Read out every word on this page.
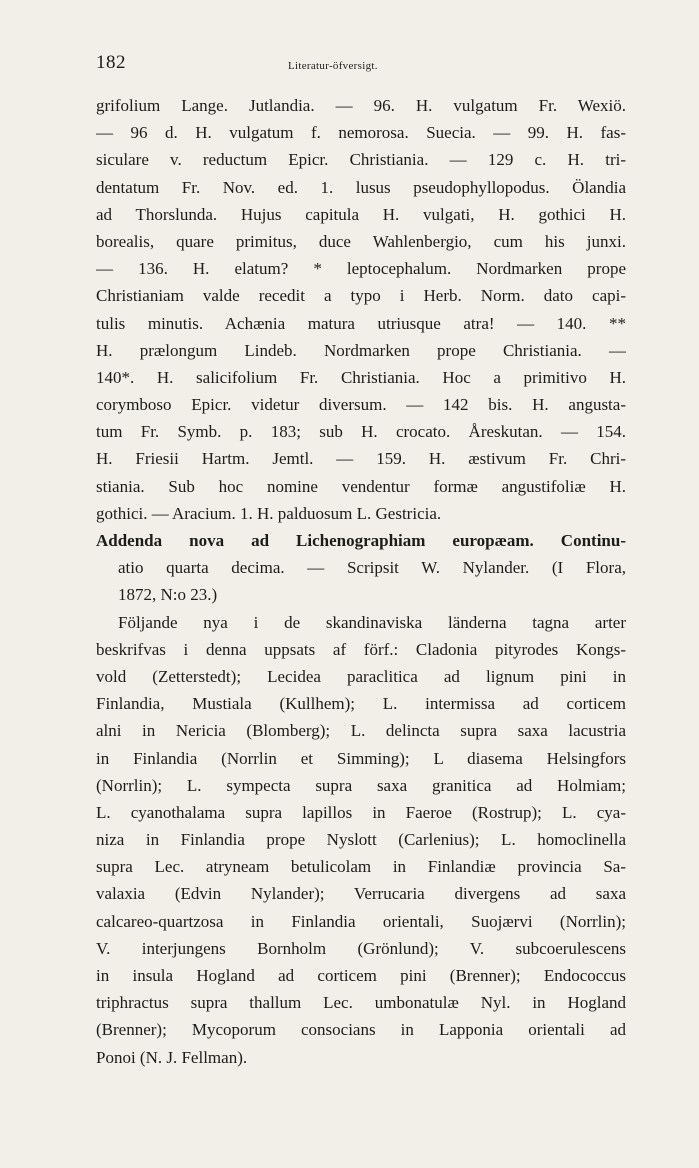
182	Literatur-öfversigt.
grifolium Lange. Jutlandia. — 96. H. vulgatum Fr. Wexiö.
— 96 d. H. vulgatum f. nemorosa. Suecia. — 99. H. fas-
siculare v. reductum Epicr. Christiania. — 129 c. H. tri-
dentatum Fr. Nov. ed. 1. lusus pseudophyllopodus. Ölandia
ad Thorslunda. Hujus capitula H. vulgati, H. gothici H.
borealis, quare primitus, duce Wahlenbergio, cum his junxi.
— 136. H. elatum? * leptocephalum. Nordmarken prope
Christianiam valde recedit a typo i Herb. Norm. dato capi-
tulis minutis. Achænia matura utriusque atra! — 140. **
H. prælongum Lindeb. Nordmarken prope Christiania. —
140*. H. salicifolium Fr. Christiania. Hoc a primitivo H.
corymboso Epicr. videtur diversum. — 142 bis. H. angusta-
tum Fr. Symb. p. 183; sub H. crocato. Åreskutan. — 154.
H. Friesii Hartm. Jemtl. — 159. H. æstivum Fr. Chri-
stiania. Sub hoc nomine vendentur formæ angustifoliæ H.
gothici. — Aracium. 1. H. palduosum L. Gestricia.
Addenda nova ad Lichenographiam europæam. Continu-
atio quarta decima. — Scripsit W. Nylander. (I Flora,
1872, N:o 23.)
Följande nya i de skandinaviska länderna tagna arter
beskrifvas i denna uppsats af förf.: Cladonia pityrodes Kongs-
vold (Zetterstedt); Lecidea paraclitica ad lignum pini in
Finlandia, Mustiala (Kullhem); L. intermissa ad corticem
alni in Nericia (Blomberg); L. delincta supra saxa lacustria
in Finlandia (Norrlin et Simming); L diasema Helsingfors
(Norrlin); L. sympecta supra saxa granitica ad Holmiam;
L. cyanothalama supra lapillos in Faeroe (Rostrup); L. cya-
niza in Finlandia prope Nyslott (Carlenius); L. homoclinella
supra Lec. atryneam betulicolam in Finlandiæ provincia Sa-
valaxia (Edvin Nylander); Verrucaria divergens ad saxa
calcareo-quartzosa in Finlandia orientali, Suojærvi (Norrlin);
V. interjungens Bornholm (Grönlund); V. subcoerulescens
in insula Hogland ad corticem pini (Brenner); Endococcus
triphractus supra thallum Lec. umbonatulæ Nyl. in Hogland
(Brenner); Mycoporum consocians in Lapponia orientali ad
Ponoi (N. J. Fellman).
